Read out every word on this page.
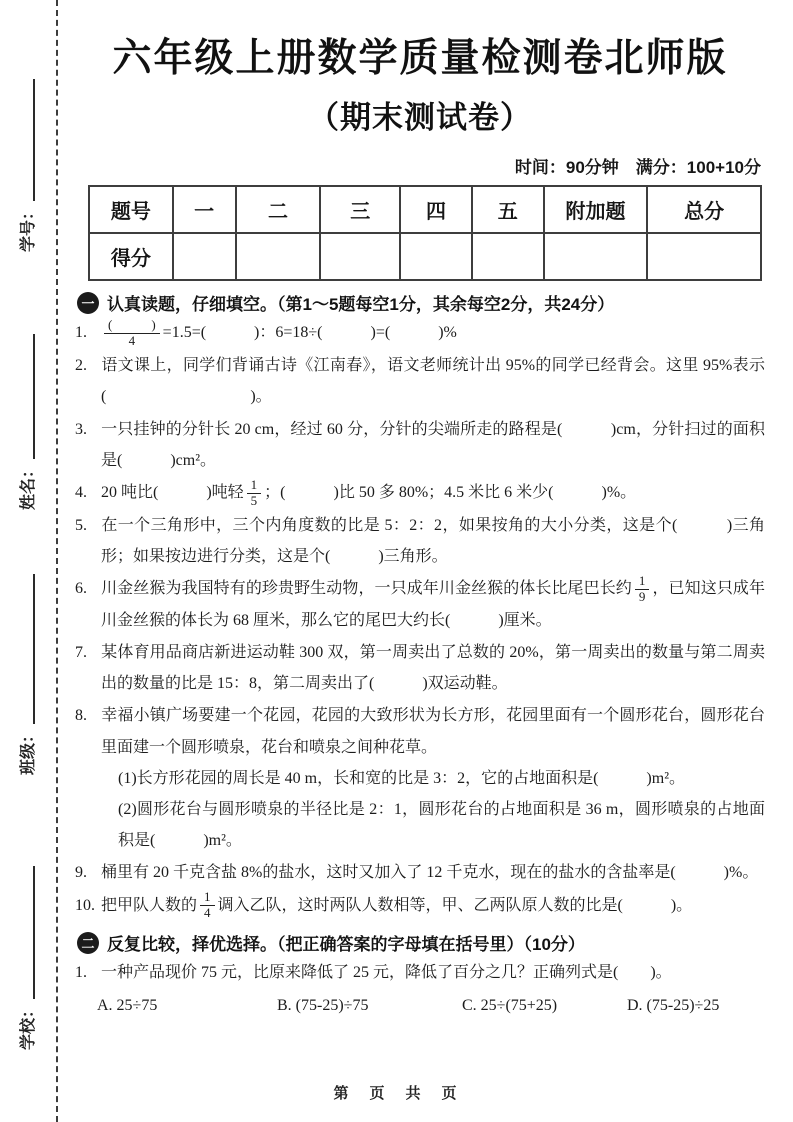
学号：
姓名：
班级：
学校：
六年级上册数学质量检测卷北师版
（期末测试卷）
时间：90分钟　满分：100+10分
题号	一	二	三	四	五	附加题	总分
得分							
一 认真读题，仔细填空。（第1～5题每空1分，其余每空2分，共24分）
1. $\frac{( )}{4} =1.5=$(　　　)：6=18÷(　　　)=(　　　)%
2. 语文课上，同学们背诵古诗《江南春》，语文老师统计出 95%的同学已经背会。这里 95%表示(　　　　　　　　　)。
3. 一只挂钟的分针长 20 cm，经过 60 分，分针的尖端所走的路程是(　　　)cm，分针扫过的面积是(　　　)cm²。
4. 20 吨比(　　　)吨轻 $\frac{1}{5}$ ；(　　　)比 50 多 80%；4.5 米比 6 米少(　　　)%。
5. 在一个三角形中，三个内角度数的比是 5：2：2，如果按角的大小分类，这是个(　　　)三角形；如果按边进行分类，这是个(　　　)三角形。
6. 川金丝猴为我国特有的珍贵野生动物，一只成年川金丝猴的体长比尾巴长约 $\frac{1}{9}$ ，已知这只成年川金丝猴的体长为 68 厘米，那么它的尾巴大约长(　　　)厘米。
7. 某体育用品商店新进运动鞋 300 双，第一周卖出了总数的 20%，第一周卖出的数量与第二周卖出的数量的比是 15：8，第二周卖出了(　　　)双运动鞋。
8. 幸福小镇广场要建一个花园，花园的大致形状为长方形，花园里面有一个圆形花台，圆形花台里面建一个圆形喷泉，花台和喷泉之间种花草。
(1)长方形花园的周长是 40 m，长和宽的比是 3：2，它的占地面积是(　　　)m²。
(2)圆形花台与圆形喷泉的半径比是 2：1，圆形花台的占地面积是 36 m，圆形喷泉的占地面积是(　　　)m²。
9. 桶里有 20 千克含盐 8%的盐水，这时又加入了 12 千克水，现在的盐水的含盐率是(　　　)%。
10. 把甲队人数的 $\frac{1}{4}$ 调入乙队，这时两队人数相等，甲、乙两队原人数的比是(　　　)。
二 反复比较，择优选择。（把正确答案的字母填在括号里）（10分）
1. 一种产品现价 75 元，比原来降低了 25 元，降低了百分之几？正确列式是(　　)。
A. 25÷75	B. (75-25)÷75	C. 25÷(75+25)	D. (75-25)÷25
第　页　共　页
